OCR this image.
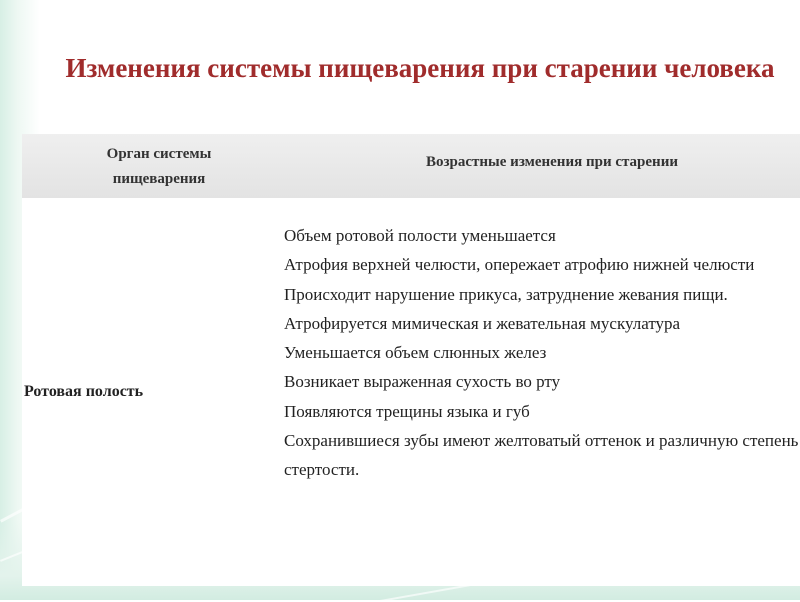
Изменения системы пищеварения при старении человека
Орган системы пищеварения
Возрастные изменения при старении
Ротовая полость
Объем ротовой полости уменьшается
Атрофия верхней челюсти, опережает атрофию нижней челюсти
Происходит нарушение прикуса, затруднение жевания пищи.
Атрофируется мимическая и жевательная мускулатура
Уменьшается объем слюнных желез
Возникает выраженная сухость во рту
Появляются трещины языка и губ
Сохранившиеся зубы имеют желтоватый оттенок и различную степень стертости.
